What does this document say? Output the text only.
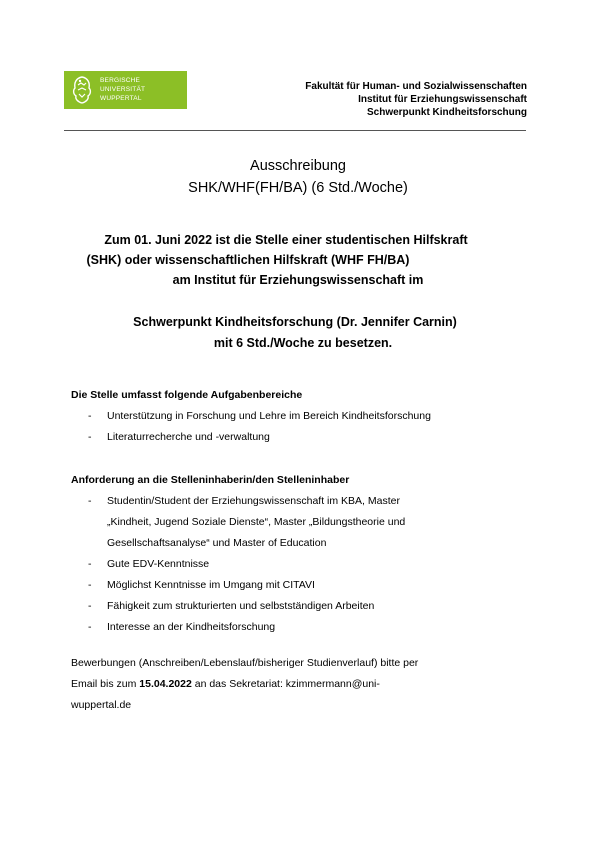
BERGISCHE
UNIVERSITÄT
WUPPERTAL
Fakultät für Human- und Sozialwissenschaften
Institut für Erziehungswissenschaft
Schwerpunkt Kindheitsforschung
Ausschreibung
SHK/WHF(FH/BA) (6 Std./Woche)
Zum 01. Juni 2022 ist die Stelle einer studentischen Hilfskraft
(SHK) oder wissenschaftlichen Hilfskraft (WHF FH/BA)
am Institut für Erziehungswissenschaft im
Schwerpunkt Kindheitsforschung (Dr. Jennifer Carnin)
mit 6 Std./Woche zu besetzen.
Die Stelle umfasst folgende Aufgabenbereiche
- Unterstützung in Forschung und Lehre im Bereich Kindheitsforschung
- Literaturrecherche und -verwaltung
Anforderung an die Stelleninhaberin/den Stelleninhaber
- Studentin/Student der Erziehungswissenschaft im KBA, Master
„Kindheit, Jugend Soziale Dienste“, Master „Bildungstheorie und
Gesellschaftsanalyse“ und Master of Education
- Gute EDV-Kenntnisse
- Möglichst Kenntnisse im Umgang mit CITAVI
- Fähigkeit zum strukturierten und selbstständigen Arbeiten
- Interesse an der Kindheitsforschung
Bewerbungen (Anschreiben/Lebenslauf/bisheriger Studienverlauf) bitte per
Email bis zum 15.04.2022 an das Sekretariat: kzimmermann@uni-
wuppertal.de
